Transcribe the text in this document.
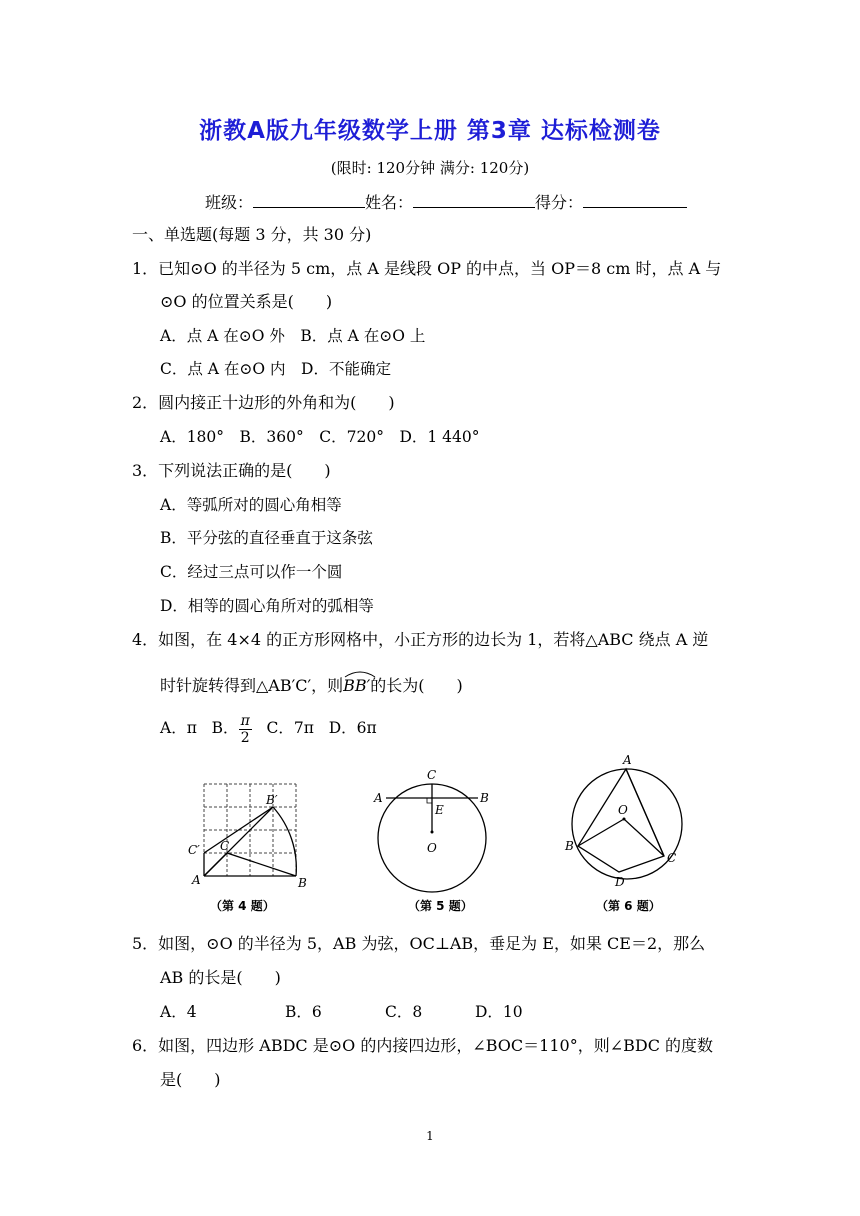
浙教A版九年级数学上册 第3章 达标检测卷
(限时: 120分钟 满分: 120分)
班级：	姓名：	得分：
一、单选题(每题 3 分，共 30 分)
1．已知⊙O 的半径为 5 cm，点 A 是线段 OP 的中点，当 OP＝8 cm 时，点 A 与
⊙O 的位置关系是(　　)
A．点 A 在⊙O 外　B．点 A 在⊙O 上
C．点 A 在⊙O 内　D．不能确定
2．圆内接正十边形的外角和为(　　)
A．180°　B．360°　C．720°　D．1 440°
3．下列说法正确的是(　　)
A．等弧所对的圆心角相等
B．平分弦的直径垂直于这条弦
C．经过三点可以作一个圆
D．相等的圆心角所对的弧相等
4．如图，在 4×4 的正方形网格中，小正方形的边长为 1，若将△ABC 绕点 A 逆
时针旋转得到△AB′C′，则
BB′的长为(　　)
A．π B． $\frac{\pi}{2}$ C．7π D．6π
A	B
C
C′
B′
（第 4 题）
C
A	B
E
O
（第 5 题）
A
B
C
D
O
（第 6 题）
5．如图，⊙O 的半径为 5，AB 为弦，OC⊥AB，垂足为 E，如果 CE＝2，那么
AB 的长是(　　)
A．4	B．6	C．8	D．10
6．如图，四边形 ABDC 是⊙O 的内接四边形，∠BOC＝110°，则∠BDC 的度数
是(　　)
1
